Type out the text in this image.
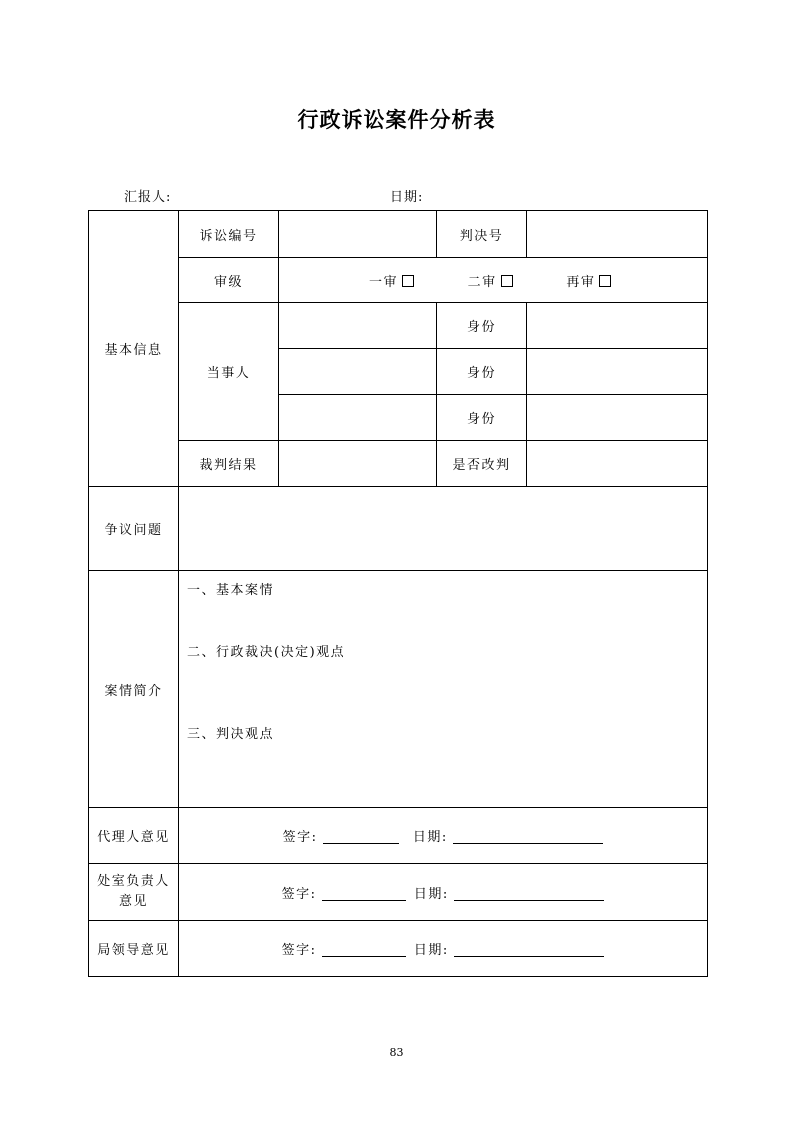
行政诉讼案件分析表
汇报人:	日期:
基本信息	诉讼编号		判决号	
	审级	一审 二审 再审		
	当事人		身份	
			身份	
			身份	
	裁判结果		是否改判	
争议问题				
案情简介	一、基本案情
二、行政裁决(决定)观点
三、判决观点			

代理人意见	签字: 日期:			
处室负责人意见	签字: 日期:			
局领导意见	签字: 日期:			
83
